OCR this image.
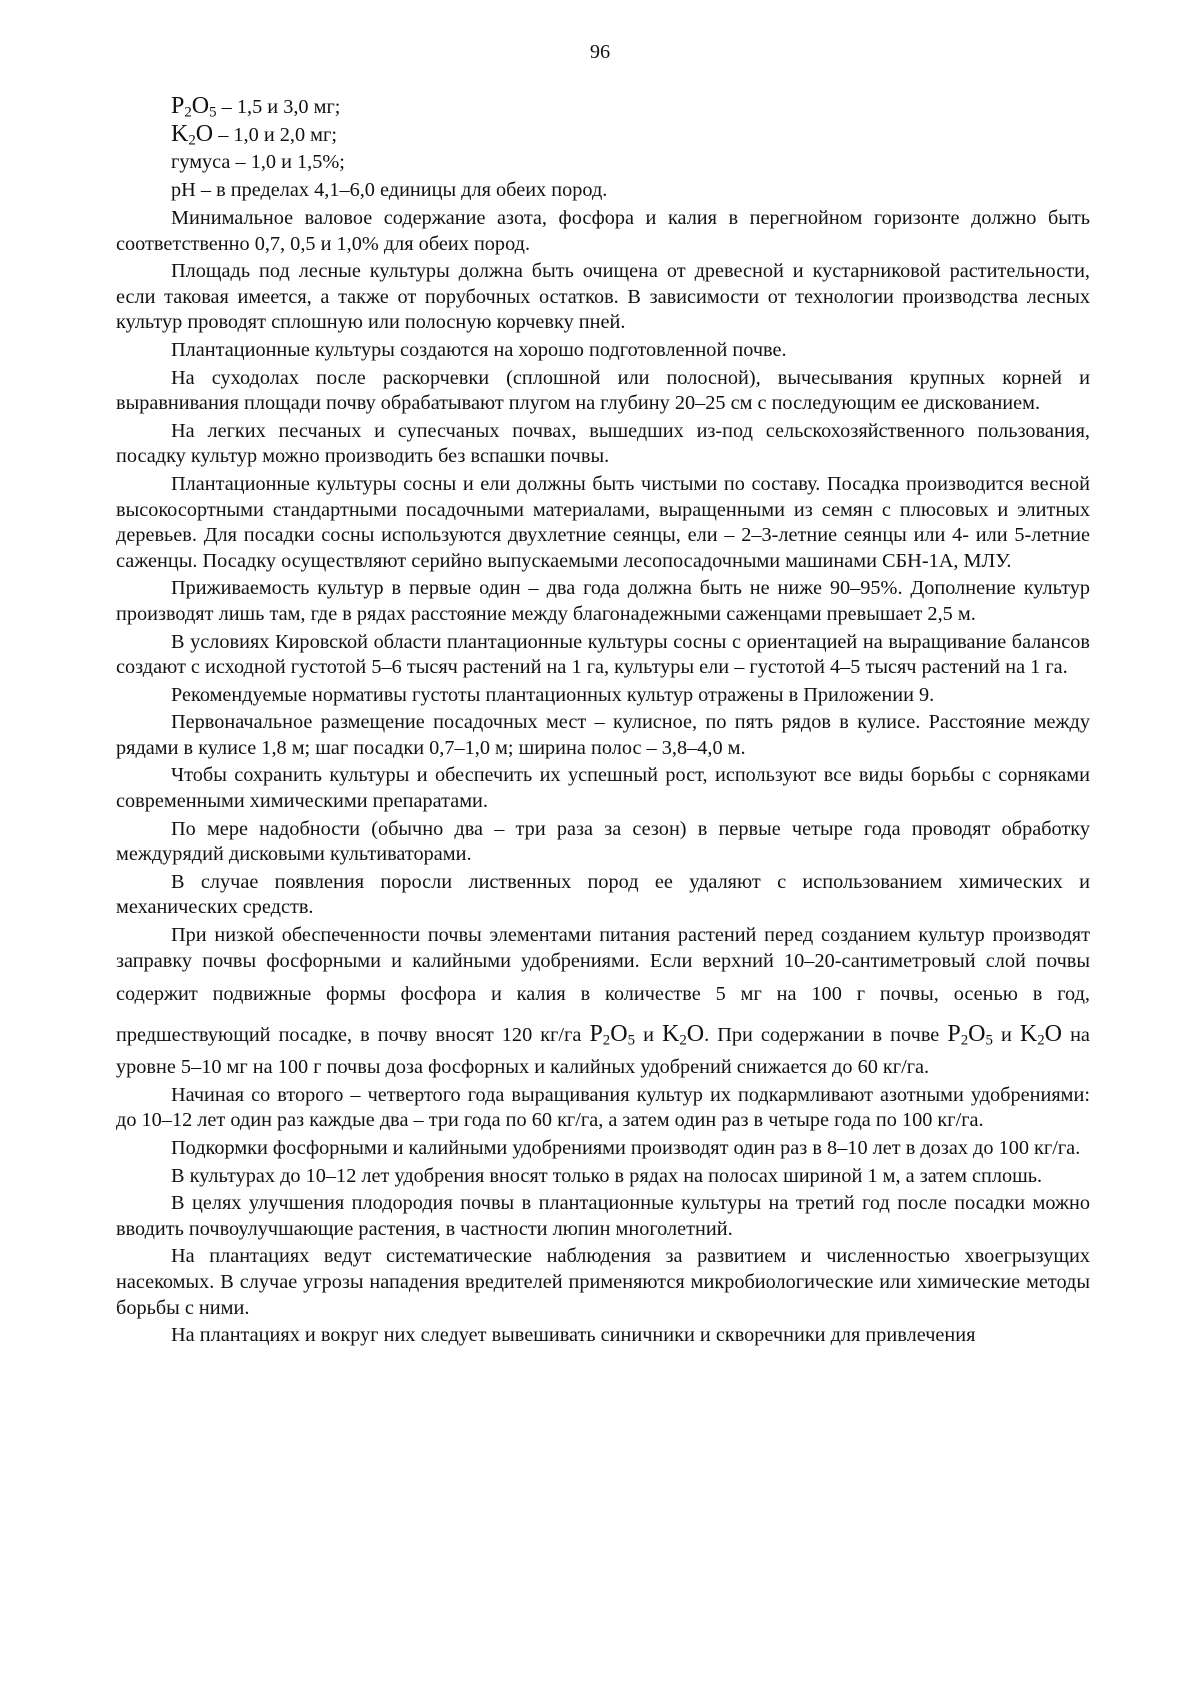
96
$P_2O_5 - 1,5$ и 3,0 мг;
$K_2O - 1,0$ и 2,0 мг;
гумуса – 1,0 и 1,5%;
pH – в пределах 4,1–6,0 единицы для обеих пород.

Минимальное валовое содержание азота, фосфора и калия в перегнойном горизонте должно быть соответственно 0,7, 0,5 и 1,0% для обеих пород.

Площадь под лесные культуры должна быть очищена от древесной и кустарниковой растительности, если таковая имеется, а также от порубочных остатков. В зависимости от технологии производства лесных культур проводят сплошную или полосную корчевку пней.

Плантационные культуры создаются на хорошо подготовленной почве.

На суходолах после раскорчевки (сплошной или полосной), вычесывания крупных корней и выравнивания площади почву обрабатывают плугом на глубину 20–25 см с последующим ее дискованием.

На легких песчаных и супесчаных почвах, вышедших из-под сельскохозяйственного пользования, посадку культур можно производить без вспашки почвы.

Плантационные культуры сосны и ели должны быть чистыми по составу. Посадка производится весной высокосортными стандартными посадочными материалами, выращенными из семян с плюсовых и элитных деревьев. Для посадки сосны используются двухлетние сеянцы, ели – 2–3-летние сеянцы или 4- или 5-летние саженцы. Посадку осуществляют серийно выпускаемыми лесопосадочными машинами СБН-1А, МЛУ.

Приживаемость культур в первые один – два года должна быть не ниже 90–95%. Дополнение культур производят лишь там, где в рядах расстояние между благонадежными саженцами превышает 2,5 м.

В условиях Кировской области плантационные культуры сосны с ориентацией на выращивание балансов создают с исходной густотой 5–6 тысяч растений на 1 га, культуры ели – густотой 4–5 тысяч растений на 1 га.

Рекомендуемые нормативы густоты плантационных культур отражены в Приложении 9.

Первоначальное размещение посадочных мест – кулисное, по пять рядов в кулисе. Расстояние между рядами в кулисе 1,8 м; шаг посадки 0,7–1,0 м; ширина полос – 3,8–4,0 м.

Чтобы сохранить культуры и обеспечить их успешный рост, используют все виды борьбы с сорняками современными химическими препаратами.

По мере надобности (обычно два – три раза за сезон) в первые четыре года проводят обработку междурядий дисковыми культиваторами.

В случае появления поросли лиственных пород ее удаляют с использованием химических и механических средств.

При низкой обеспеченности почвы элементами питания растений перед созданием культур производят заправку почвы фосфорными и калийными удобрениями. Если верхний 10–20-сантиметровый слой почвы содержит подвижные формы фосфора и калия в количестве 5 мг на 100 г почвы, осенью в год, предшествующий посадке, в почву вносят 120 кг/га $P_2O_5$ и $K_2O$. При содержании в почве $P_2O_5$ и $K_2O$ на уровне 5–10 мг на 100 г почвы доза фосфорных и калийных удобрений снижается до 60 кг/га.

Начиная со второго – четвертого года выращивания культур их подкармливают азотными удобрениями: до 10–12 лет один раз каждые два – три года по 60 кг/га, а затем один раз в четыре года по 100 кг/га.

Подкормки фосфорными и калийными удобрениями производят один раз в 8–10 лет в дозах до 100 кг/га.

В культурах до 10–12 лет удобрения вносят только в рядах на полосах шириной 1 м, а затем сплошь.

В целях улучшения плодородия почвы в плантационные культуры на третий год после посадки можно вводить почвоулучшающие растения, в частности люпин многолетний.

На плантациях ведут систематические наблюдения за развитием и численностью хвоегрызущих насекомых. В случае угрозы нападения вредителей применяются микробиологические или химические методы борьбы с ними.

На плантациях и вокруг них следует вывешивать синичники и скворечники для привлечения
